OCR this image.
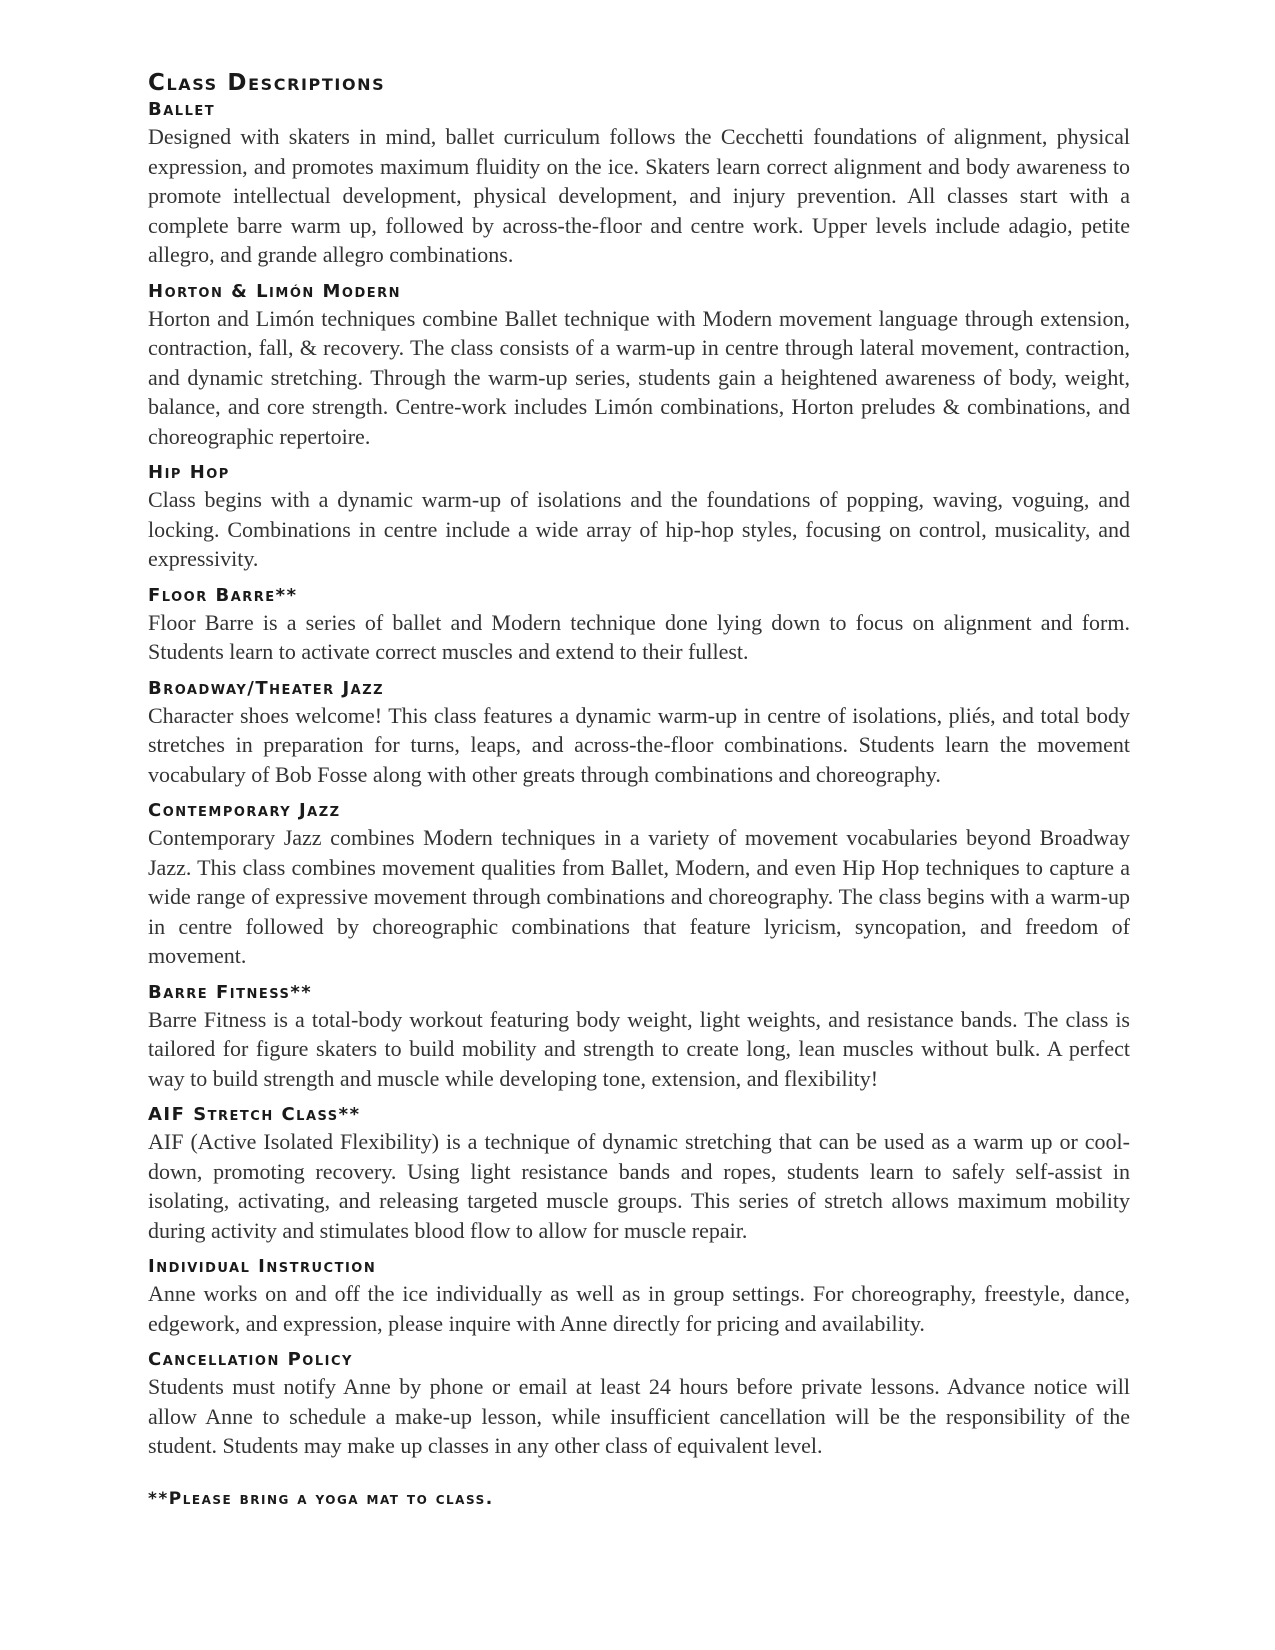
Class Descriptions
Ballet

Designed with skaters in mind, ballet curriculum follows the Cecchetti foundations of alignment, physical expression, and promotes maximum fluidity on the ice. Skaters learn correct alignment and body awareness to promote intellectual development, physical development, and injury prevention. All classes start with a complete barre warm up, followed by across-the-floor and centre work. Upper levels include adagio, petite allegro, and grande allegro combinations.

Horton & Limón Modern

Horton and Limón techniques combine Ballet technique with Modern movement language through extension, contraction, fall, & recovery. The class consists of a warm-up in centre through lateral movement, contraction, and dynamic stretching. Through the warm-up series, students gain a heightened awareness of body, weight, balance, and core strength. Centre-work includes Limón combinations, Horton preludes & combinations, and choreographic repertoire.

Hip Hop

Class begins with a dynamic warm-up of isolations and the foundations of popping, waving, voguing, and locking. Combinations in centre include a wide array of hip-hop styles, focusing on control, musicality, and expressivity.

Floor Barre**

Floor Barre is a series of ballet and Modern technique done lying down to focus on alignment and form. Students learn to activate correct muscles and extend to their fullest.

Broadway/Theater Jazz

Character shoes welcome! This class features a dynamic warm-up in centre of isolations, pliés, and total body stretches in preparation for turns, leaps, and across-the-floor combinations. Students learn the movement vocabulary of Bob Fosse along with other greats through combinations and choreography.

Contemporary Jazz

Contemporary Jazz combines Modern techniques in a variety of movement vocabularies beyond Broadway Jazz. This class combines movement qualities from Ballet, Modern, and even Hip Hop techniques to capture a wide range of expressive movement through combinations and choreography. The class begins with a warm-up in centre followed by choreographic combinations that feature lyricism, syncopation, and freedom of movement.

Barre Fitness**

Barre Fitness is a total-body workout featuring body weight, light weights, and resistance bands. The class is tailored for figure skaters to build mobility and strength to create long, lean muscles without bulk. A perfect way to build strength and muscle while developing tone, extension, and flexibility!

AIF Stretch Class**

AIF (Active Isolated Flexibility) is a technique of dynamic stretching that can be used as a warm up or cool-down, promoting recovery. Using light resistance bands and ropes, students learn to safely self-assist in isolating, activating, and releasing targeted muscle groups. This series of stretch allows maximum mobility during activity and stimulates blood flow to allow for muscle repair.

Individual Instruction

Anne works on and off the ice individually as well as in group settings. For choreography, freestyle, dance, edgework, and expression, please inquire with Anne directly for pricing and availability.

Cancellation Policy

Students must notify Anne by phone or email at least 24 hours before private lessons. Advance notice will allow Anne to schedule a make-up lesson, while insufficient cancellation will be the responsibility of the student. Students may make up classes in any other class of equivalent level.

**Please bring a yoga mat to class.
